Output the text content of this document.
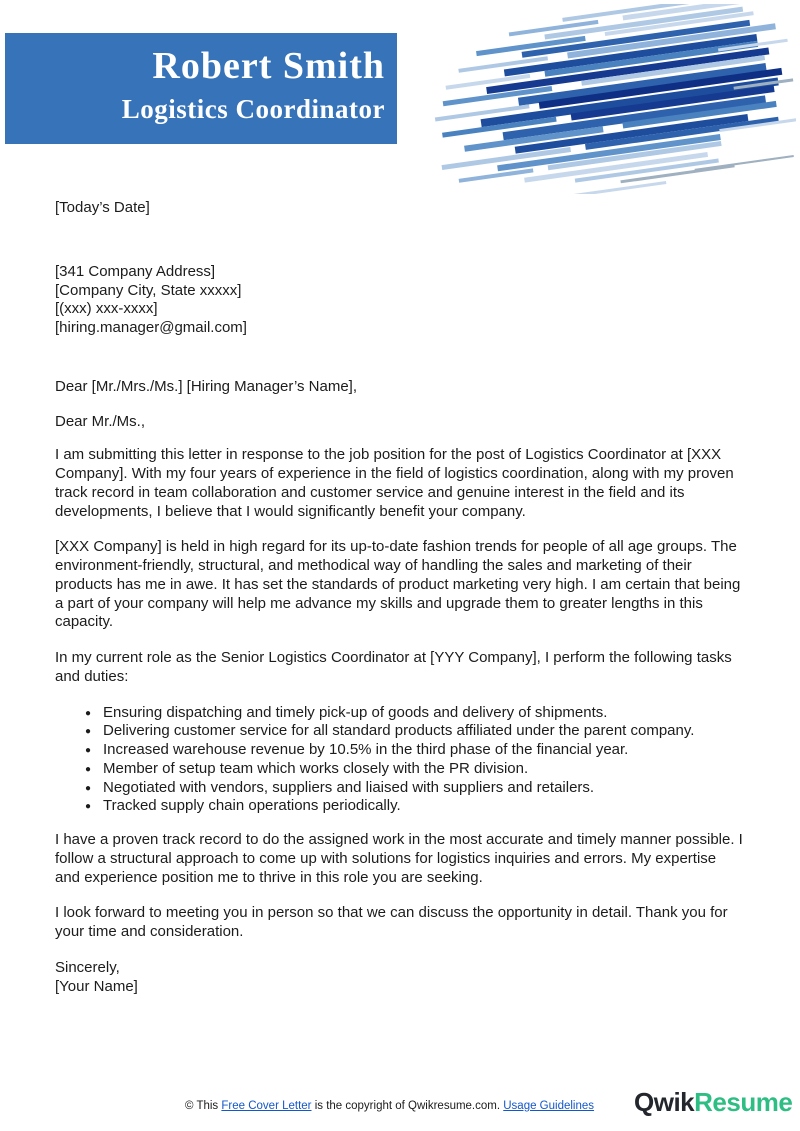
Robert Smith
Logistics Coordinator
[Today’s Date]
[341 Company Address]
[Company City, State xxxxx]
[(xxx) xxx-xxxx]
[hiring.manager@gmail.com]
Dear [Mr./Mrs./Ms.] [Hiring Manager’s Name],
Dear Mr./Ms.,

I am submitting this letter in response to the job position for the post of Logistics Coordinator at [XXX Company]. With my four years of experience in the field of logistics coordination, along with my proven track record in team collaboration and customer service and genuine interest in the field and its developments, I believe that I would significantly benefit your company.

[XXX Company] is held in high regard for its up-to-date fashion trends for people of all age groups. The environment-friendly, structural, and methodical way of handling the sales and marketing of their products has me in awe. It has set the standards of product marketing very high. I am certain that being a part of your company will help me advance my skills and upgrade them to greater lengths in this capacity.

In my current role as the Senior Logistics Coordinator at [YYY Company], I perform the following tasks and duties:

● Ensuring dispatching and timely pick-up of goods and delivery of shipments.
● Delivering customer service for all standard products affiliated under the parent company.
● Increased warehouse revenue by 10.5% in the third phase of the financial year.
● Member of setup team which works closely with the PR division.
● Negotiated with vendors, suppliers and liaised with suppliers and retailers.
● Tracked supply chain operations periodically.

I have a proven track record to do the assigned work in the most accurate and timely manner possible. I follow a structural approach to come up with solutions for logistics inquiries and errors. My expertise and experience position me to thrive in this role you are seeking.

I look forward to meeting you in person so that we can discuss the opportunity in detail. Thank you for your time and consideration.

Sincerely,
[Your Name]
© This Free Cover Letter is the copyright of Qwikresume.com. Usage Guidelines QwikResume
